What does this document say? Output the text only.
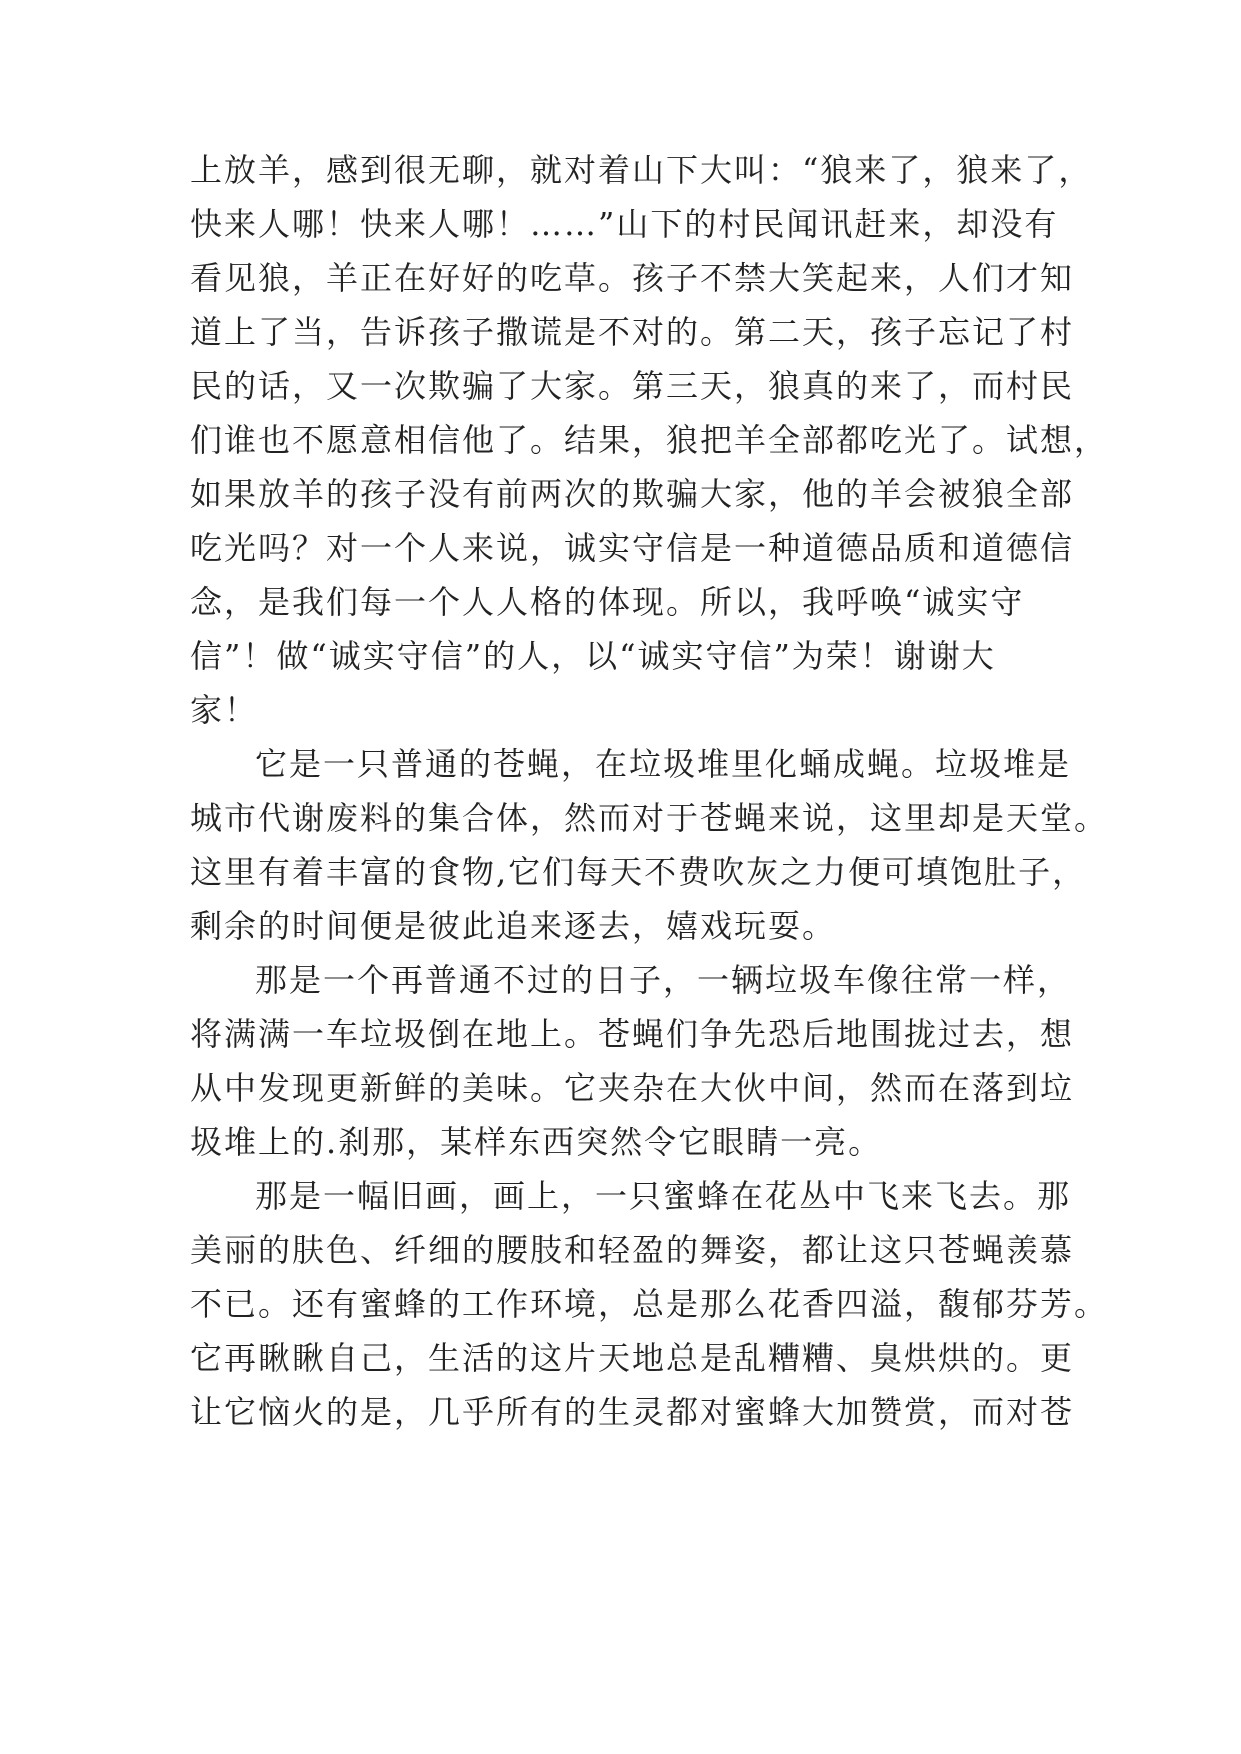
上放羊，感到很无聊，就对着山下大叫：“狼来了，狼来了，

快来人哪！快来人哪！……”山下的村民闻讯赶来，却没有

看见狼，羊正在好好的吃草。孩子不禁大笑起来，人们才知

道上了当，告诉孩子撒谎是不对的。第二天，孩子忘记了村

民的话，又一次欺骗了大家。第三天，狼真的来了，而村民

们谁也不愿意相信他了。结果，狼把羊全部都吃光了。试想，

如果放羊的孩子没有前两次的欺骗大家，他的羊会被狼全部

吃光吗？对一个人来说，诚实守信是一种道德品质和道德信

念，是我们每一个人人格的体现。所以，我呼唤“诚实守

信”！做“诚实守信”的人，以“诚实守信”为荣！谢谢大

家！

它是一只普通的苍蝇，在垃圾堆里化蛹成蝇。垃圾堆是

城市代谢废料的集合体，然而对于苍蝇来说，这里却是天堂。

这里有着丰富的食物,它们每天不费吹灰之力便可填饱肚子，

剩余的时间便是彼此追来逐去，嬉戏玩耍。

那是一个再普通不过的日子，一辆垃圾车像往常一样，

将满满一车垃圾倒在地上。苍蝇们争先恐后地围拢过去，想

从中发现更新鲜的美味。它夹杂在大伙中间，然而在落到垃

圾堆上的.刹那，某样东西突然令它眼睛一亮。

那是一幅旧画，画上，一只蜜蜂在花丛中飞来飞去。那

美丽的肤色、纤细的腰肢和轻盈的舞姿，都让这只苍蝇羡慕

不已。还有蜜蜂的工作环境，总是那么花香四溢，馥郁芬芳。

它再瞅瞅自己，生活的这片天地总是乱糟糟、臭烘烘的。更

让它恼火的是，几乎所有的生灵都对蜜蜂大加赞赏，而对苍
